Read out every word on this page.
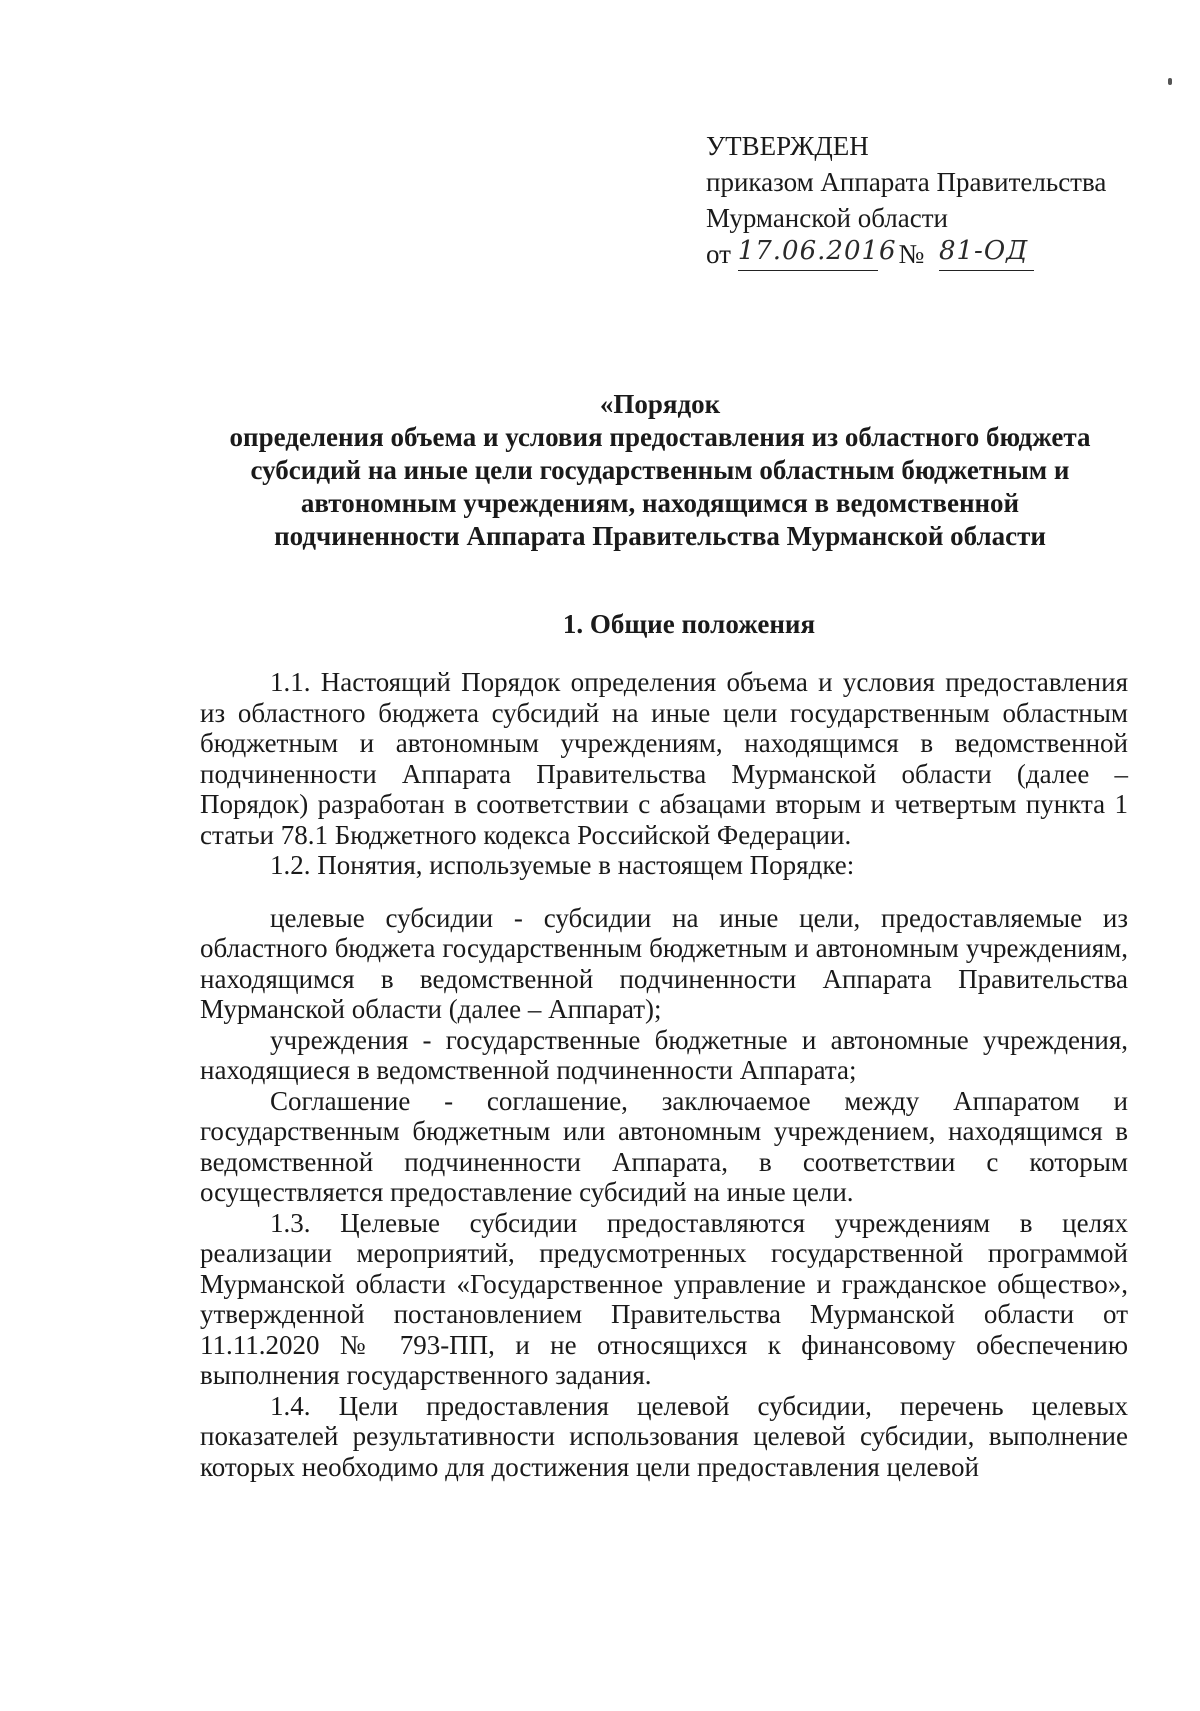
УТВЕРЖДЕН
приказом Аппарата Правительства
Мурманской области
от 17.06.2016 № 81-ОД
«Порядок
определения объема и условия предоставления из областного бюджета
субсидий на иные цели государственным областным бюджетным и
автономным учреждениям, находящимся в ведомственной
подчиненности Аппарата Правительства Мурманской области
1. Общие положения

1.1. Настоящий Порядок определения объема и условия предоставления из областного бюджета субсидий на иные цели государственным областным бюджетным и автономным учреждениям, находящимся в ведомственной подчиненности Аппарата Правительства Мурманской области (далее – Порядок) разработан в соответствии с абзацами вторым и четвертым пункта 1 статьи 78.1 Бюджетного кодекса Российской Федерации.

1.2. Понятия, используемые в настоящем Порядке:

целевые субсидии - субсидии на иные цели, предоставляемые из областного бюджета государственным бюджетным и автономным учреждениям, находящимся в ведомственной подчиненности Аппарата Правительства Мурманской области (далее – Аппарат);

учреждения - государственные бюджетные и автономные учреждения, находящиеся в ведомственной подчиненности Аппарата;

Соглашение - соглашение, заключаемое между Аппаратом и государственным бюджетным или автономным учреждением, находящимся в ведомственной подчиненности Аппарата, в соответствии с которым осуществляется предоставление субсидий на иные цели.

1.3. Целевые субсидии предоставляются учреждениям в целях реализации мероприятий, предусмотренных государственной программой Мурманской области «Государственное управление и гражданское общество», утвержденной постановлением Правительства Мурманской области от 11.11.2020 № 793-ПП, и не относящихся к финансовому обеспечению выполнения государственного задания.

1.4. Цели предоставления целевой субсидии, перечень целевых показателей результативности использования целевой субсидии, выполнение которых необходимо для достижения цели предоставления целевой
